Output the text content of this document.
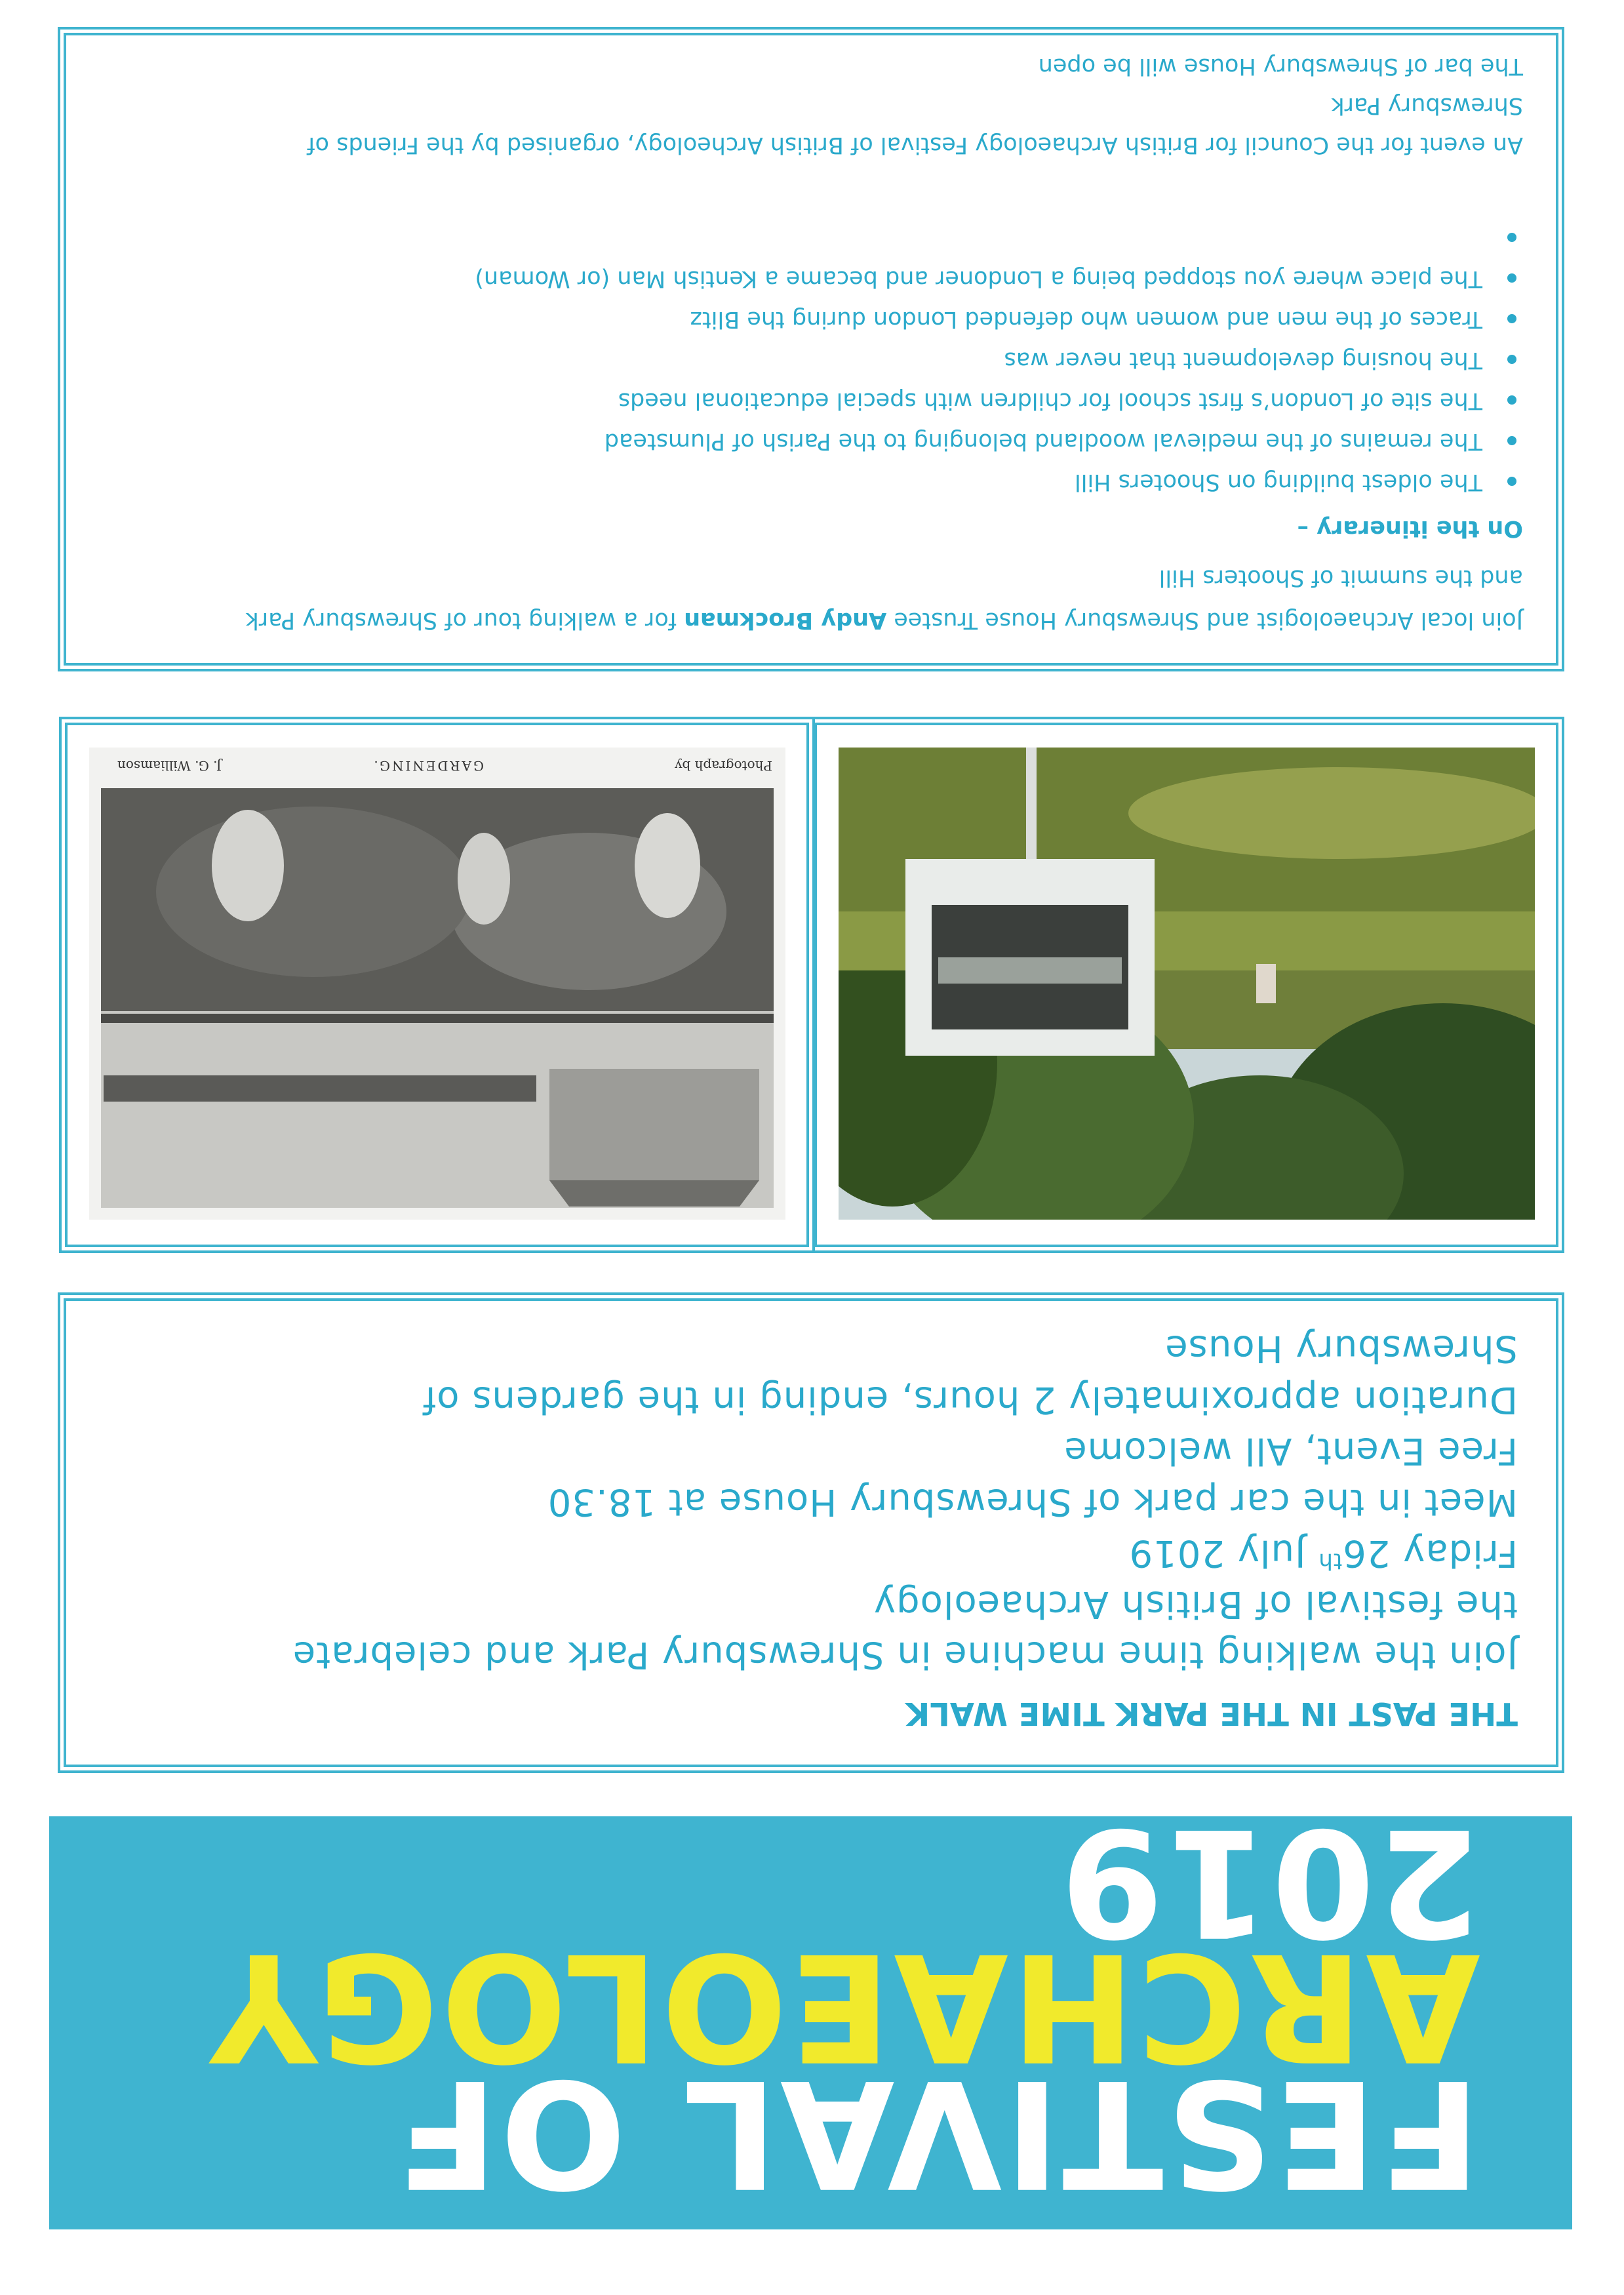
FESTIVAL OF
ARCHAEOLOGY
2019
THE PAST IN THE PARK TIME WALK
Join the walking time machine in Shrewsbury Park and celebrate
the festival of British Archaeology
Friday 26th July 2019
Meet in the car park of Shrewsbury House at 18.30
Free Event, All welcome
Duration approximately 2 hours, ending in the gardens of
Shrewsbury House
Photograph by
GARDENING.
J. G. Williamson
Join local Archaeologist and Shrewsbury House Trustee Andy Brockman for a walking tour of Shrewsbury Park
and the summit of Shooters Hill
On the itinerary –
The oldest building on Shooters Hill
The remains of the medieval woodland belonging to the Parish of Plumstead
The site of London’s first school for children with special educational needs
The housing development that never was
Traces of the men and women who defended London during the Blitz
The place where you stopped being a Londoner and became a Kentish Man (or Woman)
An event for the Council for British Archaeology Festival of British Archeology, organised by the Friends of
Shrewsbury Park
The bar of Shrewsbury House will be open
